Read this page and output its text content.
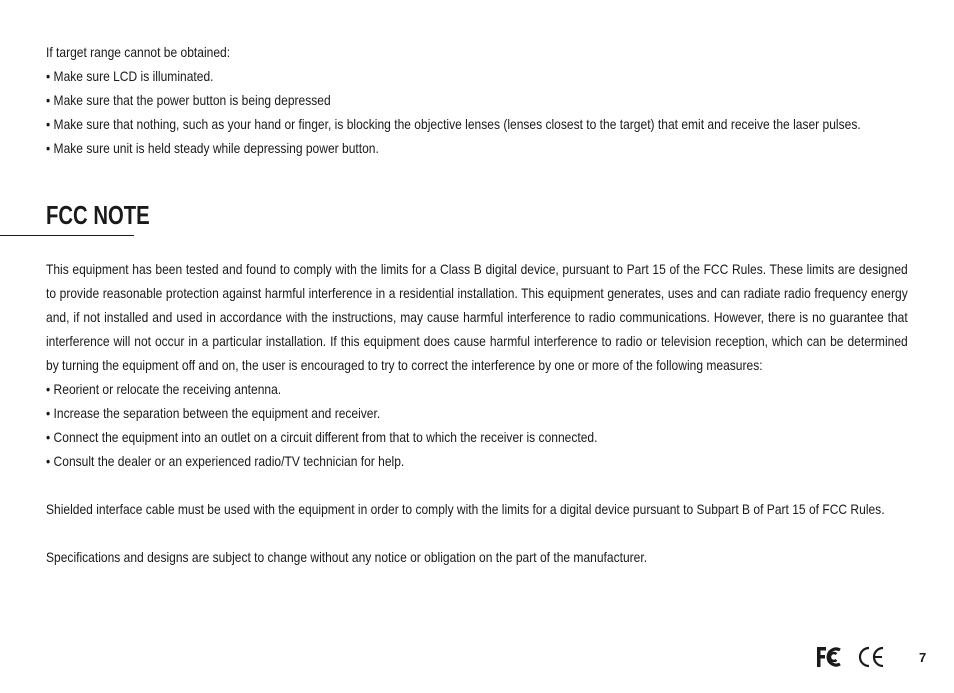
If target range cannot be obtained:

• Make sure LCD is illuminated.

• Make sure that the power button is being depressed

• Make sure that nothing, such as your hand or finger, is blocking the objective lenses (lenses closest to the target) that emit and receive the laser pulses.

• Make sure unit is held steady while depressing power button.

FCC NOTE

This equipment has been tested and found to comply with the limits for a Class B digital device, pursuant to Part 15 of the FCC Rules. These limits are designed to provide reasonable protection against harmful interference in a residential installation. This equipment generates, uses and can radiate radio frequency energy and, if not installed and used in accordance with the instructions, may cause harmful interference to radio communications. However, there is no guarantee that interference will not occur in a particular installation. If this equipment does cause harmful interference to radio or television reception, which can be determined by turning the equipment off and on, the user is encouraged to try to correct the interference by one or more of the following measures:

• Reorient or relocate the receiving antenna.

• Increase the separation between the equipment and receiver.

• Connect the equipment into an outlet on a circuit different from that to which the receiver is connected.

• Consult the dealer or an experienced radio/TV technician for help.

Shielded interface cable must be used with the equipment in order to comply with the limits for a digital device pursuant to Subpart B of Part 15 of FCC Rules.

Specifications and designs are subject to change without any notice or obligation on the part of the manufacturer.

7
